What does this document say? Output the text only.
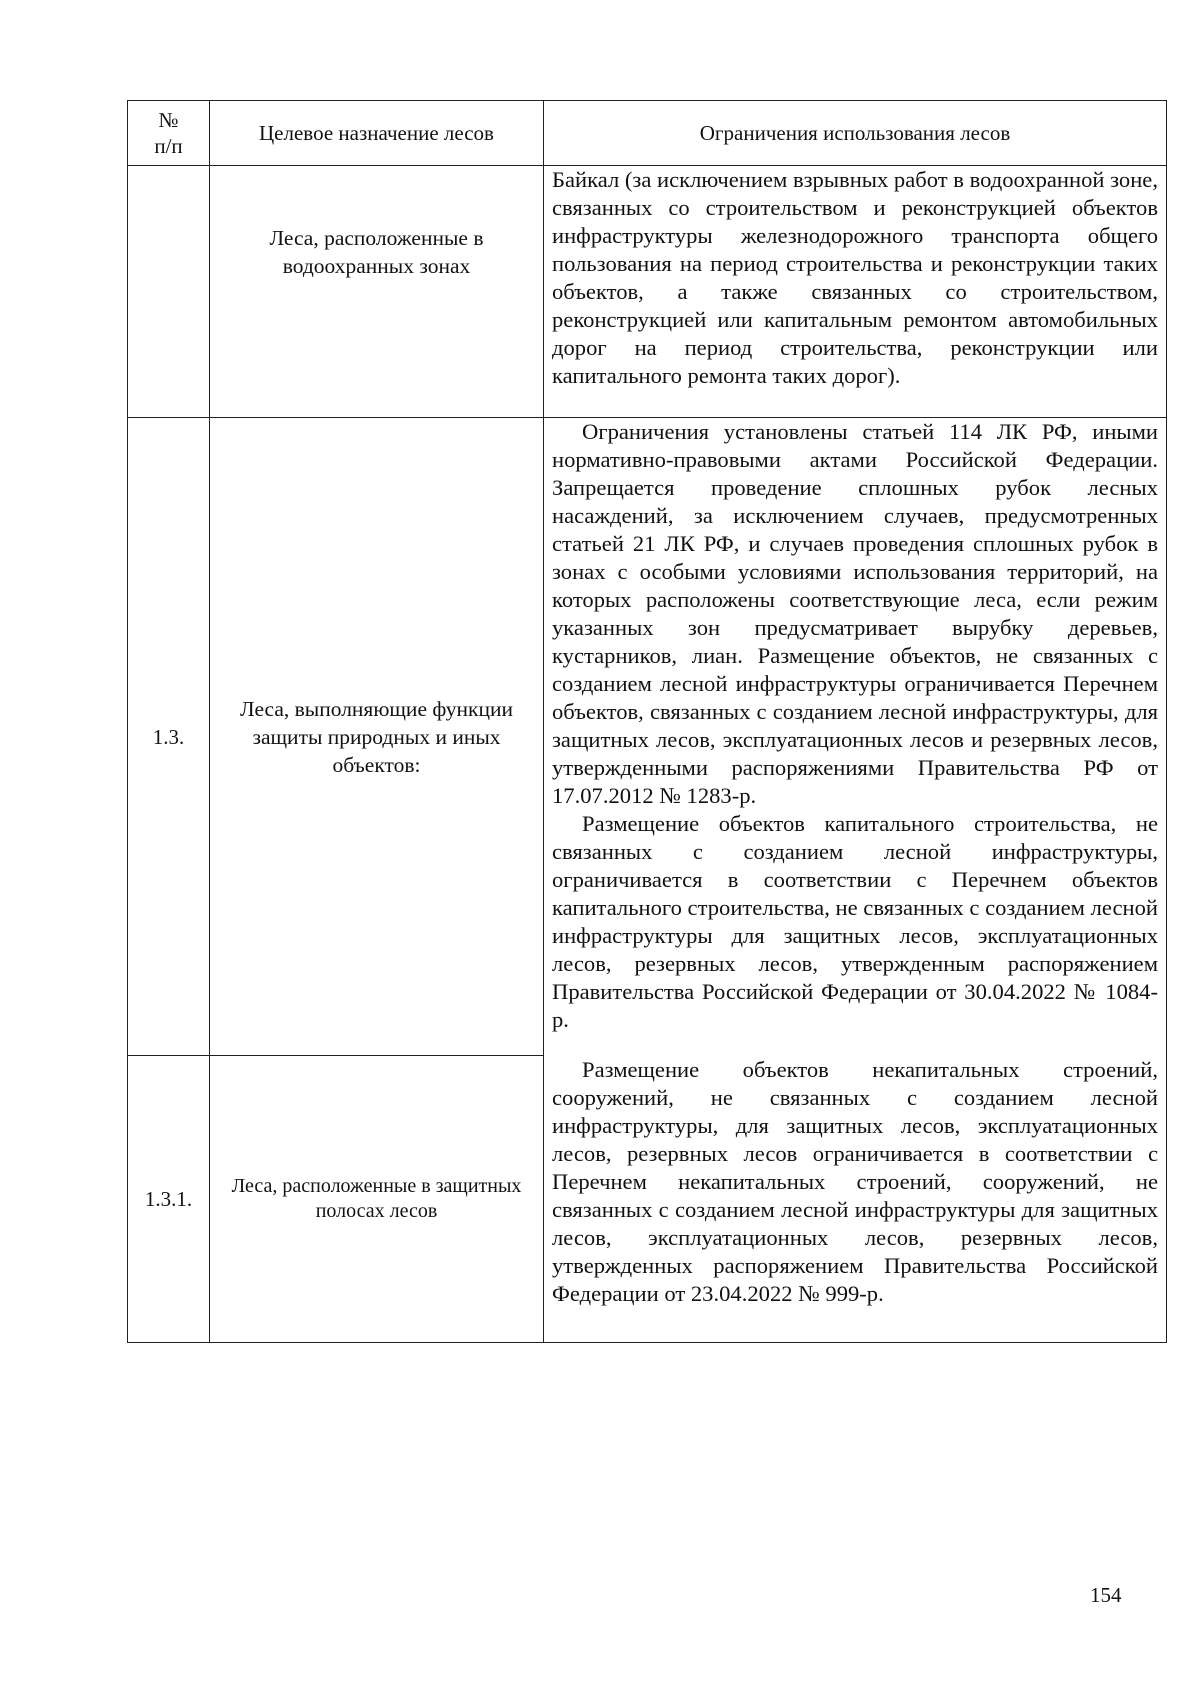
№
п/п	Целевое назначение лесов	Ограничения использования лесов

	Леса, расположенные в водоохранных зонах	Байкал (за исключением взрывных работ в водоохранной зоне, связанных со строительством и реконструкцией объектов инфраструктуры железнодорожного транспорта общего пользования на период строительства и реконструкции таких объектов, а также связанных со строительством, реконструкцией или капитальным ремонтом автомобильных дорог на период строительства, реконструкции или капитального ремонта таких дорог).

1.3.	Леса, выполняющие функции защиты природных и иных объектов:	Ограничения установлены статьей 114 ЛК РФ, иными нормативно-правовыми актами Российской Федерации. Запрещается проведение сплошных рубок лесных насаждений, за исключением случаев, предусмотренных статьей 21 ЛК РФ, и случаев проведения сплошных рубок в зонах с особыми условиями использования территорий, на которых расположены соответствующие леса, если режим указанных зон предусматривает вырубку деревьев, кустарников, лиан. Размещение объектов, не связанных с созданием лесной инфраструктуры ограничивается Перечнем объектов, связанных с созданием лесной инфраструктуры, для защитных лесов, эксплуатационных лесов и резервных лесов, утвержденными распоряжениями Правительства РФ от 17.07.2012 № 1283-р.

Размещение объектов капитального строительства, не связанных с созданием лесной инфраструктуры, ограничивается в соответствии с Перечнем объектов капитального строительства, не связанных с созданием лесной инфраструктуры для защитных лесов, эксплуатационных лесов, резервных лесов, утвержденным распоряжением Правительства Российской Федерации от 30.04.2022 № 1084-р.

1.3.1.	Леса, расположенные в защитных полосах лесов	Размещение объектов некапитальных строений, сооружений, не связанных с созданием лесной инфраструктуры, для защитных лесов, эксплуатационных лесов, резервных лесов ограничивается в соответствии с Перечнем некапитальных строений, сооружений, не связанных с созданием лесной инфраструктуры для защитных лесов, эксплуатационных лесов, резервных лесов, утвержденных распоряжением Правительства Российской Федерации от 23.04.2022 № 999-р.

154
